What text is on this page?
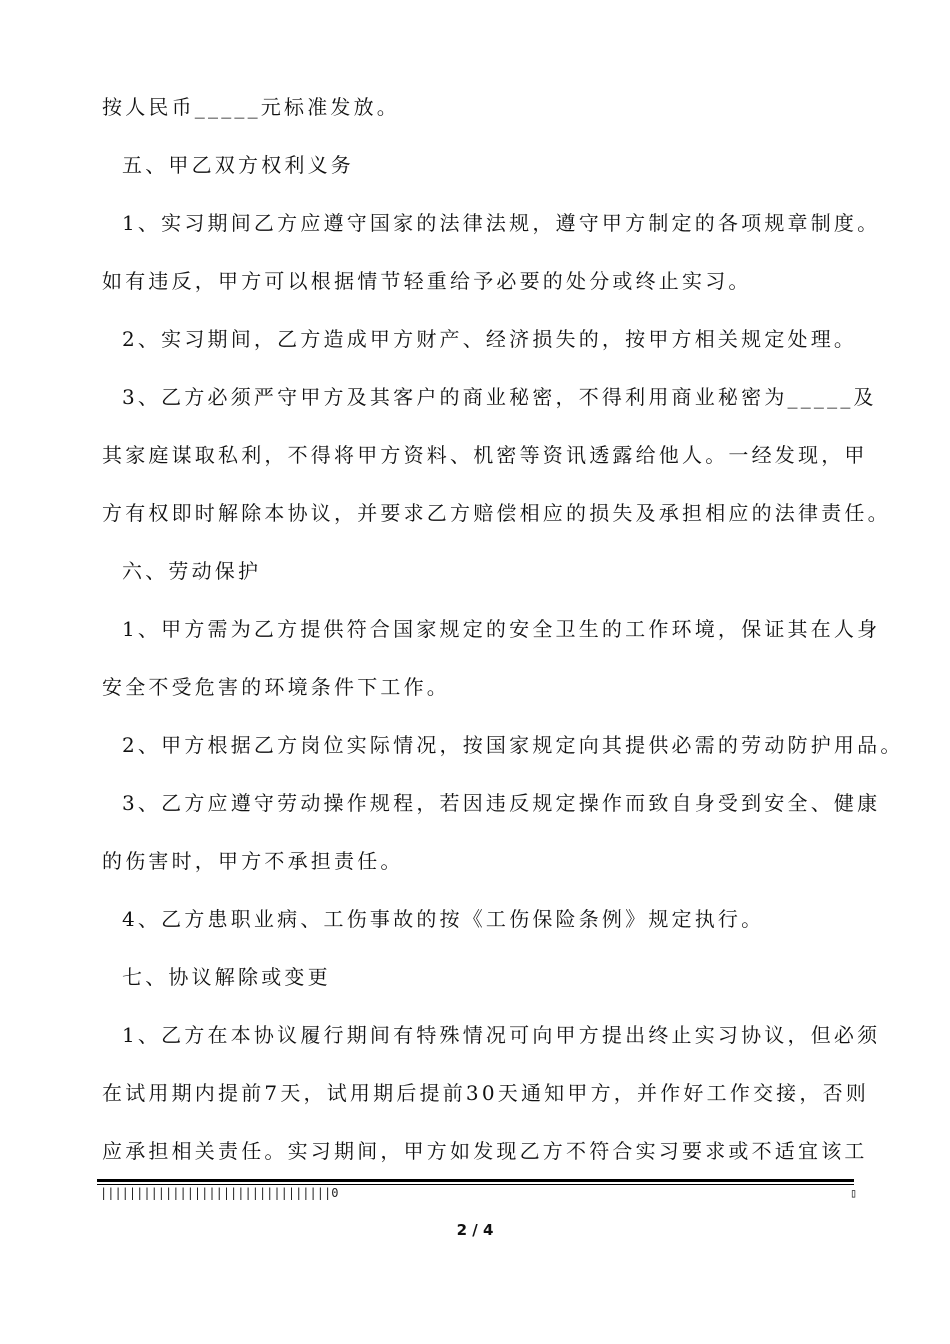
按人民币_____元标准发放。
五、甲乙双方权利义务
1、实习期间乙方应遵守国家的法律法规，遵守甲方制定的各项规章制度。
如有违反，甲方可以根据情节轻重给予必要的处分或终止实习。
2、实习期间，乙方造成甲方财产、经济损失的，按甲方相关规定处理。
3、乙方必须严守甲方及其客户的商业秘密，不得利用商业秘密为_____及
其家庭谋取私利，不得将甲方资料、机密等资讯透露给他人。一经发现，甲
方有权即时解除本协议，并要求乙方赔偿相应的损失及承担相应的法律责任。
六、劳动保护
1、甲方需为乙方提供符合国家规定的安全卫生的工作环境，保证其在人身
安全不受危害的环境条件下工作。
2、甲方根据乙方岗位实际情况，按国家规定向其提供必需的劳动防护用品。
3、乙方应遵守劳动操作规程，若因违反规定操作而致自身受到安全、健康
的伤害时，甲方不承担责任。
4、乙方患职业病、工伤事故的按《工伤保险条例》规定执行。
七、协议解除或变更
1、乙方在本协议履行期间有特殊情况可向甲方提出终止实习协议，但必须
在试用期内提前7天，试用期后提前30天通知甲方，并作好工作交接，否则
应承担相关责任。实习期间，甲方如发现乙方不符合实习要求或不适宜该工
||||||||||||||||||||||||||||||||0	▯
2 / 4
